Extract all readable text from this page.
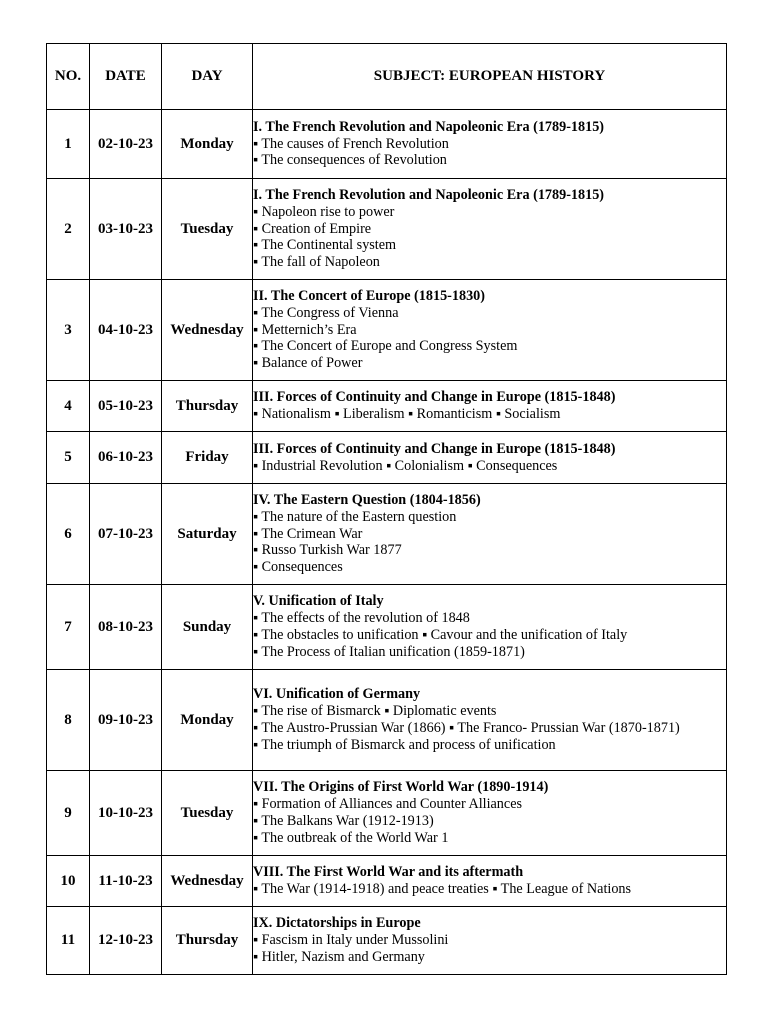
NO.	DATE	DAY	SUBJECT: EUROPEAN HISTORY
1	02-10-23	Monday	I. The French Revolution and Napoleonic Era (1789-1815)
▪ The causes of French Revolution
▪ The consequences of Revolution

2	03-10-23	Tuesday	I. The French Revolution and Napoleonic Era (1789-1815)
▪ Napoleon rise to power
▪ Creation of Empire
▪ The Continental system
▪ The fall of Napoleon

3	04-10-23	Wednesday	II. The Concert of Europe (1815-1830)
▪ The Congress of Vienna
▪ Metternich’s Era
▪ The Concert of Europe and Congress System
▪ Balance of Power

4	05-10-23	Thursday	III. Forces of Continuity and Change in Europe (1815-1848)
▪ Nationalism ▪ Liberalism ▪ Romanticism ▪ Socialism

5	06-10-23	Friday	III. Forces of Continuity and Change in Europe (1815-1848)
▪ Industrial Revolution ▪ Colonialism ▪ Consequences

6	07-10-23	Saturday	IV. The Eastern Question (1804-1856)
▪ The nature of the Eastern question
▪ The Crimean War
▪ Russo Turkish War 1877
▪ Consequences

7	08-10-23	Sunday	V. Unification of Italy
▪ The effects of the revolution of 1848
▪ The obstacles to unification ▪ Cavour and the unification of Italy
▪ The Process of Italian unification (1859-1871)

8	09-10-23	Monday	VI. Unification of Germany
▪ The rise of Bismarck ▪ Diplomatic events
▪ The Austro-Prussian War (1866) ▪ The Franco- Prussian War (1870-1871)
▪ The triumph of Bismarck and process of unification

9	10-10-23	Tuesday	VII. The Origins of First World War (1890-1914)
▪ Formation of Alliances and Counter Alliances
▪ The Balkans War (1912-1913)
▪ The outbreak of the World War 1

10	11-10-23	Wednesday	VIII. The First World War and its aftermath
▪ The War (1914-1918) and peace treaties ▪ The League of Nations

11	12-10-23	Thursday	IX. Dictatorships in Europe
▪ Fascism in Italy under Mussolini
▪ Hitler, Nazism and Germany
